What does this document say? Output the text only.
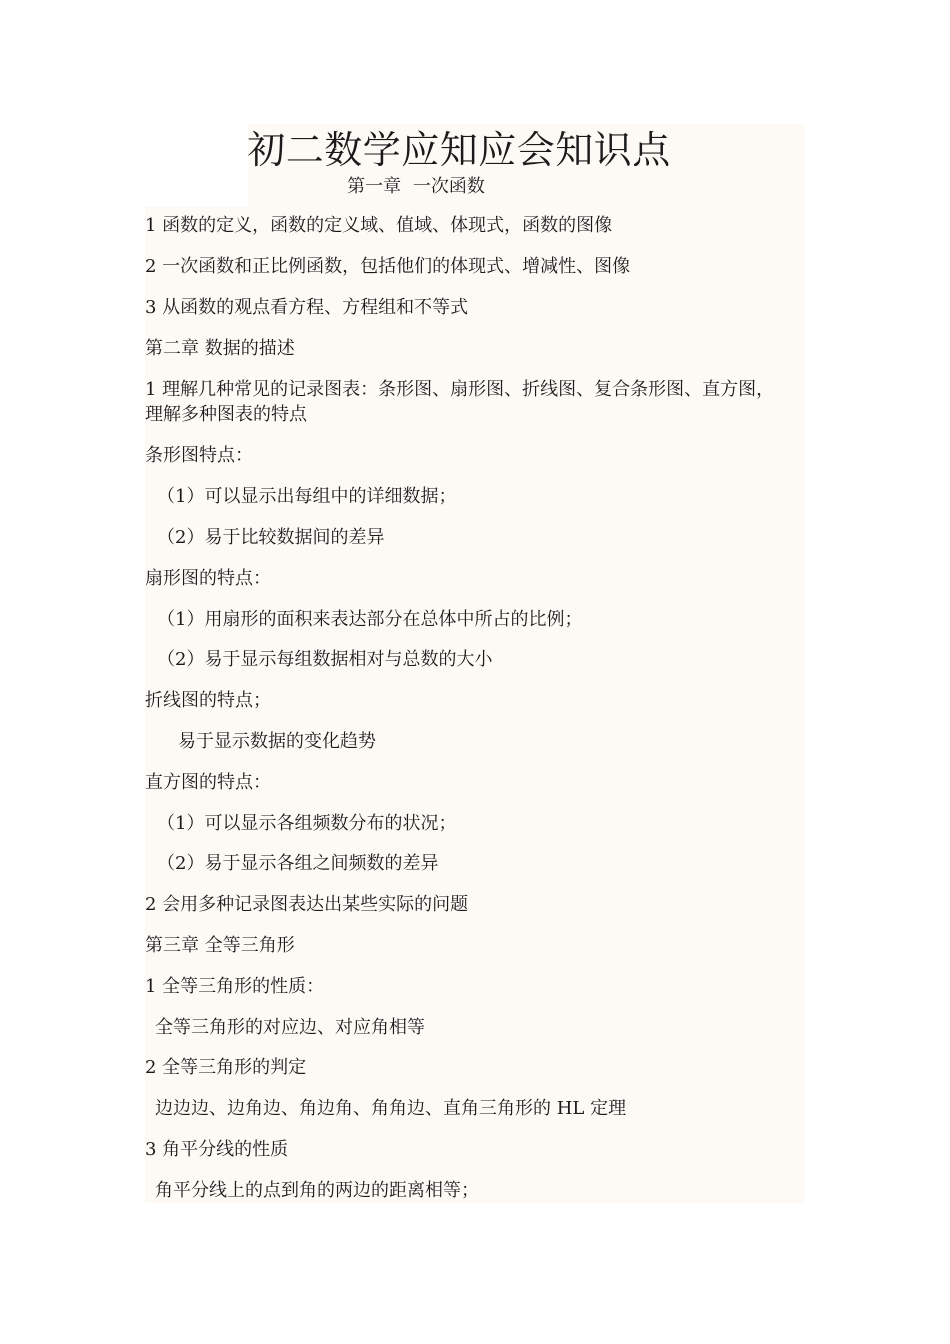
初二数学应知应会知识点
第一章 一次函数
1 函数的定义，函数的定义域、值域、体现式，函数的图像
2 一次函数和正比例函数，包括他们的体现式、增减性、图像
3 从函数的观点看方程、方程组和不等式
第二章 数据的描述
1 理解几种常见的记录图表：条形图、扇形图、折线图、复合条形图、直方图，
理解多种图表的特点
条形图特点：
（1）可以显示出每组中的详细数据；
（2）易于比较数据间的差异
扇形图的特点：
（1）用扇形的面积来表达部分在总体中所占的比例；
（2）易于显示每组数据相对与总数的大小
折线图的特点；
易于显示数据的变化趋势
直方图的特点：
（1）可以显示各组频数分布的状况；
（2）易于显示各组之间频数的差异
2 会用多种记录图表达出某些实际的问题
第三章 全等三角形
1 全等三角形的性质：
全等三角形的对应边、对应角相等
2 全等三角形的判定
边边边、边角边、角边角、角角边、直角三角形的 HL 定理
3 角平分线的性质
角平分线上的点到角的两边的距离相等；
